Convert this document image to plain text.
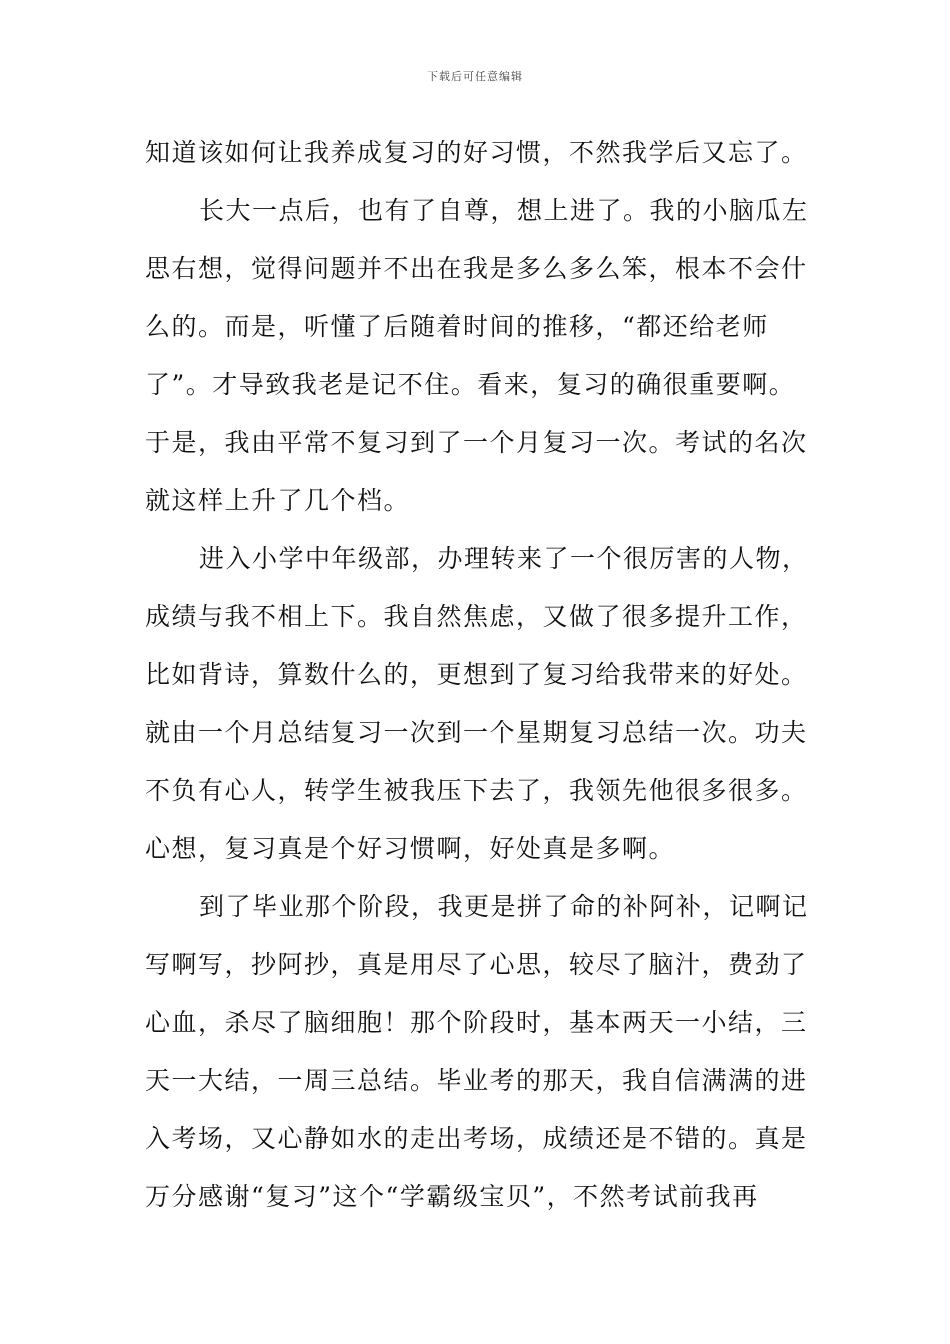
下载后可任意编辑
知道该如何让我养成复习的好习惯，不然我学后又忘了。
长大一点后，也有了自尊，想上进了。我的小脑瓜左
思右想，觉得问题并不出在我是多么多么笨，根本不会什
么的。而是，听懂了后随着时间的推移，“都还给老师
了”。才导致我老是记不住。看来，复习的确很重要啊。
于是，我由平常不复习到了一个月复习一次。考试的名次
就这样上升了几个档。
进入小学中年级部，办理转来了一个很厉害的人物，
成绩与我不相上下。我自然焦虑，又做了很多提升工作，
比如背诗，算数什么的，更想到了复习给我带来的好处。
就由一个月总结复习一次到一个星期复习总结一次。功夫
不负有心人，转学生被我压下去了，我领先他很多很多。
心想，复习真是个好习惯啊，好处真是多啊。
到了毕业那个阶段，我更是拼了命的补阿补，记啊记
写啊写，抄阿抄，真是用尽了心思，较尽了脑汁，费劲了
心血，杀尽了脑细胞！那个阶段时，基本两天一小结，三
天一大结，一周三总结。毕业考的那天，我自信满满的进
入考场，又心静如水的走出考场，成绩还是不错的。真是
万分感谢“复习”这个“学霸级宝贝”，不然考试前我再
